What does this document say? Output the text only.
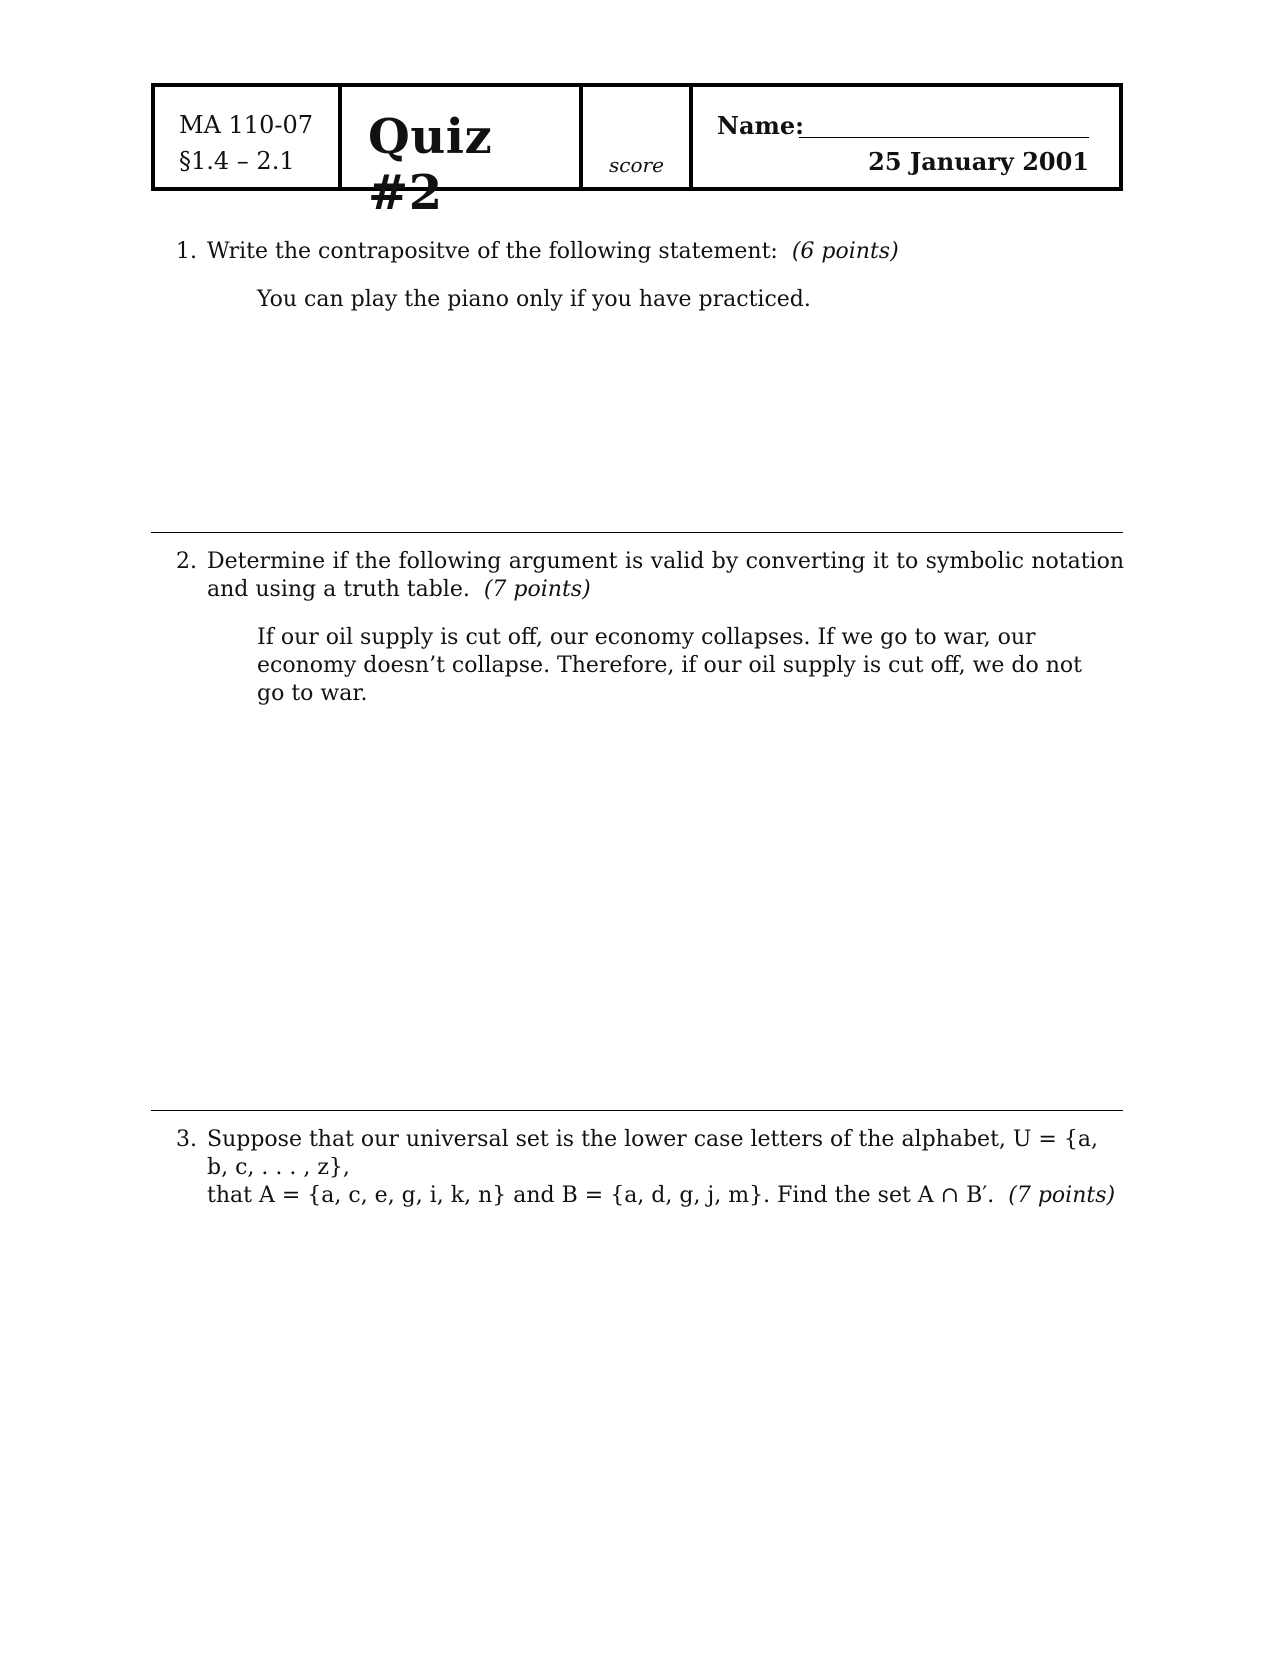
MA 110-07
§1.4 – 2.1 Quiz #2	score
Name:
25 January 2001
1. Write the contrapositve of the following statement: (6 points)
You can play the piano only if you have practiced.
2. Determine if the following argument is valid by converting it to symbolic notation and using a truth table. (7 points)
If our oil supply is cut off, our economy collapses. If we go to war, our economy doesn’t collapse. Therefore, if our oil supply is cut off, we do not go to war.
3. Suppose that our universal set is the lower case letters of the alphabet, U = {a, b, c, . . . , z},
that A = {a, c, e, g, i, k, n} and B = {a, d, g, j, m}. Find the set A ∩ B′. (7 points)
